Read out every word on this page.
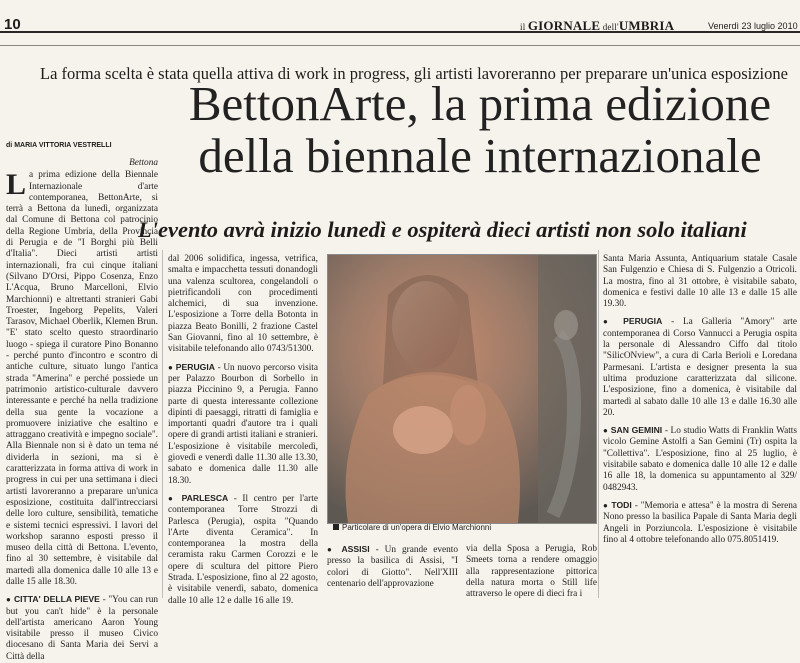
10	il GIORNALE dell'UMBRIA	Venerdì 23 luglio 2010
La forma scelta è stata quella attiva di work in progress, gli artisti lavoreranno per preparare un'unica esposizione
BettonArte, la prima edizione
della biennale internazionale
L'evento avrà inizio lunedì e ospiterà dieci artisti non solo italiani
di MARIA VITTORIA VESTRELLI

Bettona

La prima edizione della Biennale Internazionale d'arte contemporanea, BettonArte, si terrà a Bettona da lunedì, organizzata dal Comune di Bettona col patrocinio della Regione Umbria, della Provincia di Perugia e de "I Borghi più Belli d'Italia". Dieci artisti artisti internazionali, fra cui cinque italiani (Silvano D'Orsi, Pippo Cosenza, Enzo L'Acqua, Bruno Marcelloni, Elvio Marchionni) e altrettanti stranieri Gabi Troester, Ingeborg Pepelits, Valeri Tarasov, Michael Oberlik, Klemen Brun. "E' stato scelto questo straordinario luogo - spiega il curatore Pino Bonanno - perché punto d'incontro e scontro di antiche culture, situato lungo l'antica strada "Amerina" e perché possiede un patrimonio artistico-culturale davvero interessante e perché ha nella tradizione della sua gente la vocazione a promuovere iniziative che esaltino e attraggano creatività e impegno sociale". Alla Biennale non si è dato un tema né dividerla in sezioni, ma si è caratterizzata in forma attiva di work in progress in cui per una settimana i dieci artisti lavoreranno a preparare un'unica esposizione, costituita dall'intrecciarsi delle loro culture, sensibilità, tematiche e sistemi tecnici espressivi. I lavori del workshop saranno esposti presso il museo della città di Bettona. L'evento, fino al 30 settembre, è visitabile dal martedì alla domenica dalle 10 alle 13 e dalle 15 alle 18.30.

● CITTA' DELLA PIEVE - "You can run but you can't hide" è la personale dell'artista americano Aaron Young visitabile presso il museo Civico diocesano di Santa Maria dei Servi a Città della

dal 2006 solidifica, ingessa, vetrifica, smalta e impacchetta tessuti donandogli una valenza scultorea, congelandoli o pietrificandoli con procedimenti alchemici, di sua invenzione. L'esposizione a Torre della Botonta in piazza Beato Bonilli, 2 frazione Castel San Giovanni, fino al 10 settembre, è visitabile telefonando allo 0743/51300.

● PERUGIA - Un nuovo percorso visita per Palazzo Bourbon di Sorbello in piazza Piccinino 9, a Perugia. Fanno parte di questa interessante collezione dipinti di paesaggi, ritratti di famiglia e importanti quadri d'autore tra i quali opere di grandi artisti italiani e stranieri. L'esposizione è visitabile mercoledì, giovedì e venerdì dalle 11.30 alle 13.30, sabato e domenica dalle 11.30 alle 18.30.

● PARLESCA - Il centro per l'arte contemporanea Torre Strozzi di Parlesca (Perugia), ospita "Quando l'Arte diventa Ceramica". In contemporanea la mostra della ceramista raku Carmen Corozzi e le opere di scultura del pittore Piero Strada. L'esposizione, fino al 22 agosto, è visitabile venerdì, sabato, domenica dalle 10 alle 12 e dalle 16 alle 19.

Particolare di un'opera di Elvio Marchionni
● ASSISI - Un grande evento presso la basilica di Assisi, "I colori di Giotto". Nell'XIII centenario dell'approvazione
via della Sposa a Perugia, Rob Smeets torna a rendere omaggio alla rappresentazione pittorica della natura morta o Still life attraverso le opere di dieci fra i

Santa Maria Assunta, Antiquarium statale Casale San Fulgenzio e Chiesa di S. Fulgenzio a Otricoli. La mostra, fino al 31 ottobre, è visitabile sabato, domenica e festivi dalle 10 alle 13 e dalle 15 alle 19.30.

● PERUGIA - La Galleria "Amory" arte contemporanea di Corso Vannucci a Perugia ospita la personale di Alessandro Ciffo dal titolo "SilicONview", a cura di Carla Berioli e Loredana Parmesani. L'artista e designer presenta la sua ultima produzione caratterizzata dal silicone. L'esposizione, fino a domenica, è visitabile dal martedì al sabato dalle 10 alle 13 e dalle 16.30 alle 20.

● SAN GEMINI - Lo studio Watts di Franklin Watts vicolo Gemine Astolfi a San Gemini (Tr) ospita la "Collettiva". L'esposizione, fino al 25 luglio, è visitabile sabato e domenica dalle 10 alle 12 e dalle 16 alle 18, la domenica su appuntamento al 329/ 0482943.

● TODI - "Memoria e attesa" è la mostra di Serena Nono presso la basilica Papale di Santa Maria degli Angeli in Porziuncola. L'esposizione è visitabile fino al 4 ottobre telefonando allo 075.8051419.
